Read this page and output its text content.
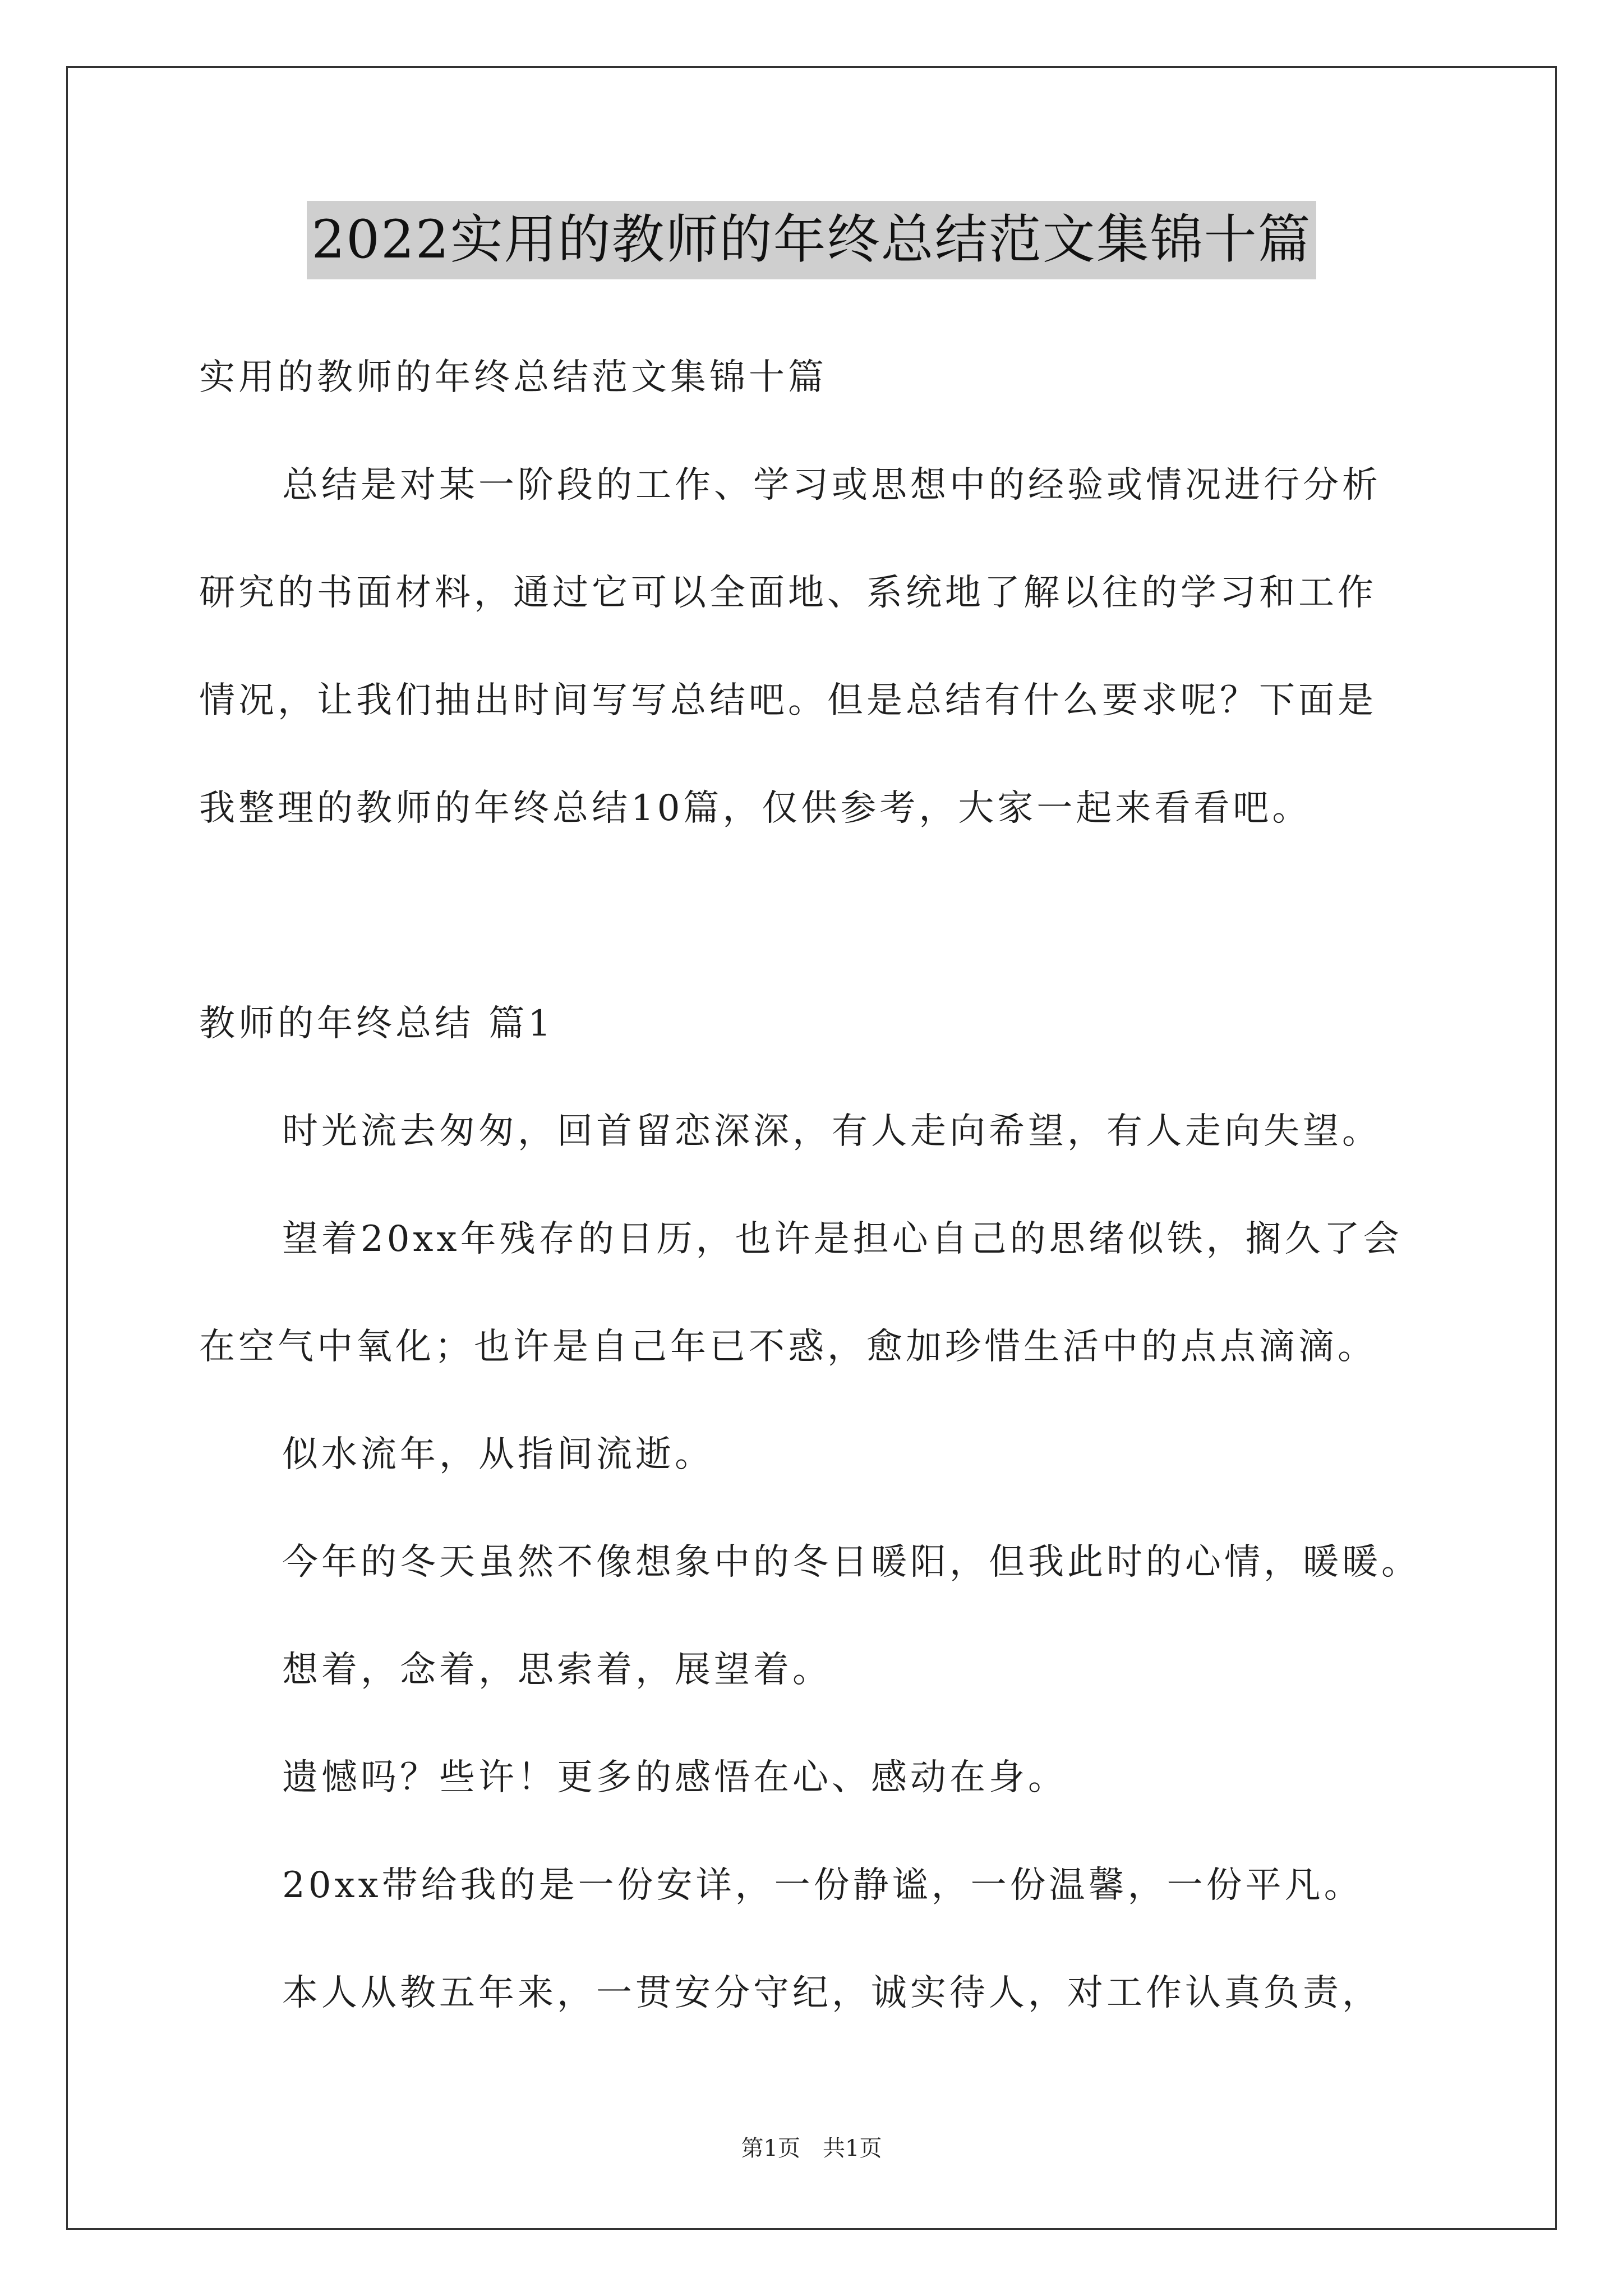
2022实用的教师的年终总结范文集锦十篇
实用的教师的年终总结范文集锦十篇
总结是对某一阶段的工作、学习或思想中的经验或情况进行分析
研究的书面材料，通过它可以全面地、系统地了解以往的学习和工作
情况，让我们抽出时间写写总结吧。但是总结有什么要求呢？下面是
我整理的教师的年终总结10篇，仅供参考，大家一起来看看吧。
教师的年终总结 篇1
时光流去匆匆，回首留恋深深，有人走向希望，有人走向失望。
望着20xx年残存的日历，也许是担心自己的思绪似铁，搁久了会
在空气中氧化；也许是自己年已不惑，愈加珍惜生活中的点点滴滴。
似水流年，从指间流逝。
今年的冬天虽然不像想象中的冬日暖阳，但我此时的心情，暖暖。
想着，念着，思索着，展望着。
遗憾吗？些许！更多的感悟在心、感动在身。
20xx带给我的是一份安详，一份静谧，一份温馨，一份平凡。
本人从教五年来，一贯安分守纪，诚实待人，对工作认真负责，
第1页 共1页
